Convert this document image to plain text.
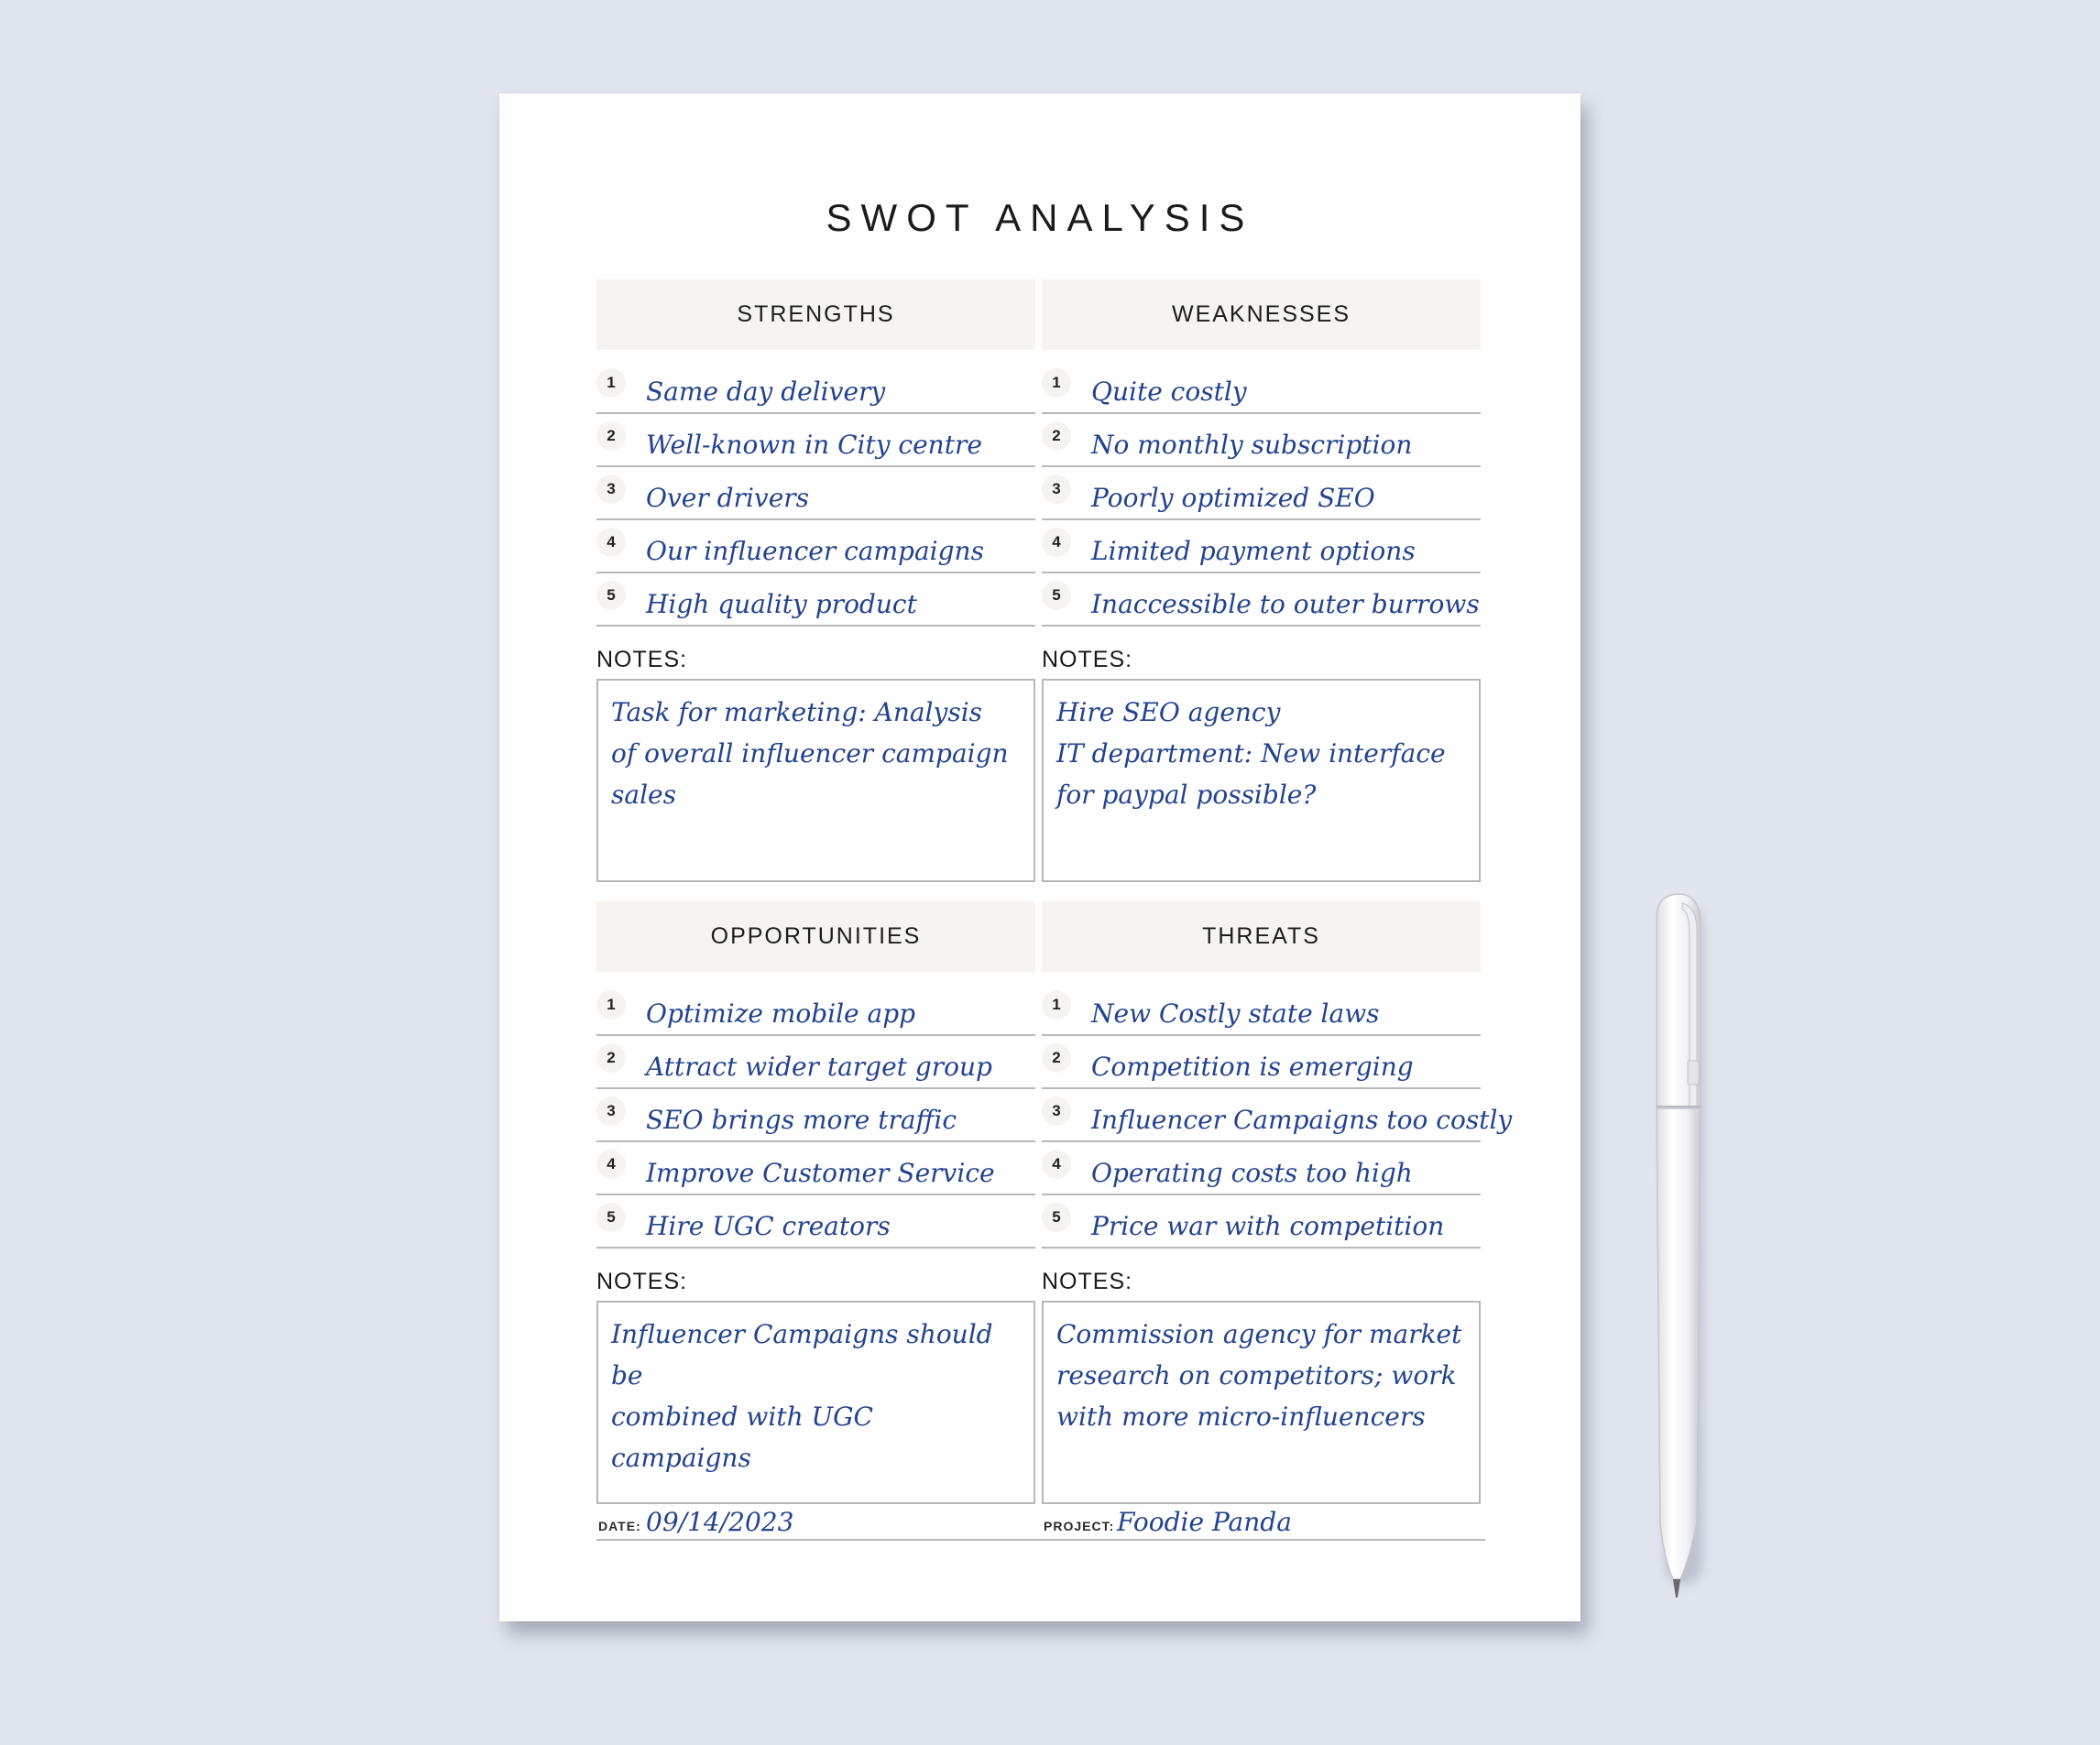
SWOT ANALYSIS
STRENGTHS
1	Same day delivery
2	Well-known in City centre
3	Over drivers
4	Our influencer campaigns
5	High quality product
NOTES:
Task for marketing: Analysis
of overall influencer campaign
sales
WEAKNESSES
1	Quite costly
2	No monthly subscription
3	Poorly optimized SEO
4	Limited payment options
5	Inaccessible to outer burrows
NOTES:
Hire SEO agency
IT department: New interface
for paypal possible?
OPPORTUNITIES
1	Optimize mobile app
2	Attract wider target group
3	SEO brings more traffic
4	Improve Customer Service
5	Hire UGC creators
NOTES:
Influencer Campaigns should be
combined with UGC campaigns
THREATS
1	New Costly state laws
2	Competition is emerging
3	Influencer Campaigns too costly
4	Operating costs too high
5	Price war with competition
NOTES:
Commission agency for market
research on competitors; work
with more micro-influencers
DATE: 09/14/2023	PROJECT: Foodie Panda
